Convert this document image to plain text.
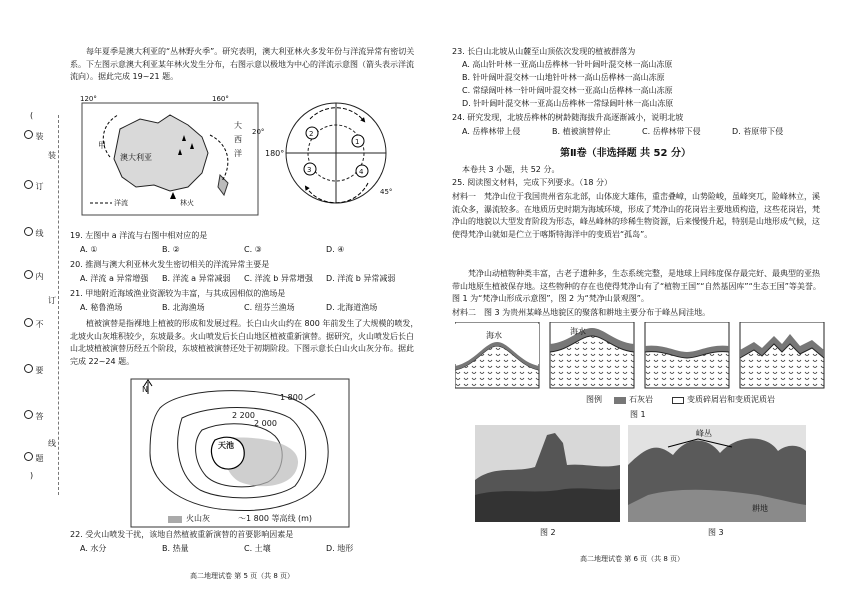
(
)
装
订
线
内
不
要
答
题
装
订
线
每年夏季是澳大利亚的“丛林野火季”。研究表明，澳大利亚林火多发年份与洋流异常有密切关系。下左图示意澳大利亚某年林火发生分布，右图示意以极地为中心的洋流示意图（箭头表示洋流流向）。据此完成 19~21 题。
120°	160°
20°
甲
澳大利亚
大
西
洋
洋流	林火
180°
45°
2
1
3	4
19. 左图中 a 洋流与右图中相对应的是
A. ①	B. ②	C. ③	D. ④
20. 推测与澳大利亚林火发生密切相关的洋流异常主要是
A. 洋流 a 异常增强 B. 洋流 a 异常减弱 C. 洋流 b 异常增强 D. 洋流 b 异常减弱
21. 甲地附近海域渔业资源较为丰富，与其成因相似的渔场是
A. 秘鲁渔场	B. 北海渔场	C. 纽芬兰渔场	D. 北海道渔场
植被演替是指裸地上植被的形成和发展过程。长白山火山约在 800 年前发生了大规模的喷发，北坡火山灰堆积较少，东坡最多。火山喷发后长白山地区植被重新演替。据研究，火山喷发后长白山北坡植被演替历经五个阶段，东坡植被演替还处于初期阶段。下图示意长白山火山灰分布。据此完成 22~24 题。
N
1 800
2 200
2 000
天池
火山灰	～1 800 等高线 (m)
22. 受火山喷发干扰，该地自然植被重新演替的首要影响因素是
A. 水分	B. 热量	C. 土壤	D. 地形
高二地理试卷 第 5 页（共 8 页）
23. 长白山北坡从山麓至山顶依次发现的植被群落为
A. 高山针叶林一亚高山岳桦林一针叶阔叶混交林一高山冻原
B. 针叶阔叶混交林一山地针叶林一高山岳桦林一高山冻原
C. 常绿阔叶林一针叶阔叶混交林一亚高山岳桦林一高山冻原
D. 针叶阔叶混交林一亚高山岳桦林一常绿阔叶林一高山冻原
24. 研究发现，北坡岳桦林的树龄随海拔升高逐渐减小，说明北坡
A. 岳桦林带上侵	B. 植被演替停止	C. 岳桦林带下侵	D. 苔原带下侵
第Ⅱ卷（非选择题 共 52 分）
本卷共 3 小题，共 52 分。
25. 阅读图文材料，完成下列要求。（18 分）
材料一　梵净山位于我国贵州省东北部，山体庞大雄伟，重峦叠嶂，山势险峻，虽峰突兀，险峰林立，溪流众多，瀑流较多。在地质历史时期为海域环境，形成了梵净山的花岗岩主要地质构造，这些花岗岩，梵净山的地貌以大型发育阶段为形态，峰丛峰林的珍稀生物资源，后来慢慢升起，特别是山地形成气候，这使得梵净山就如是伫立于喀斯特海洋中的变质岩“孤岛”。
梵净山动植物种类丰富，古老子遗种多，生态系统完整，是地球上同纬度保存最完好、最典型的亚热带山地原生植被保存地。这些物种的存在也使得梵净山有了“植物王国”“自然基因库”“生态王国”等美誉。图 1 为“梵净山形成示意图”，图 2 为“梵净山景观图”。
材料二　图 3 为贵州某峰丛地貌区的聚落和耕地主要分布于峰丛间洼地。
海水	海水
图例	石灰岩	变质碎屑岩和变质泥质岩
图 1
图 2
峰丛
耕地
图 3
高二地理试卷 第 6 页（共 8 页）
